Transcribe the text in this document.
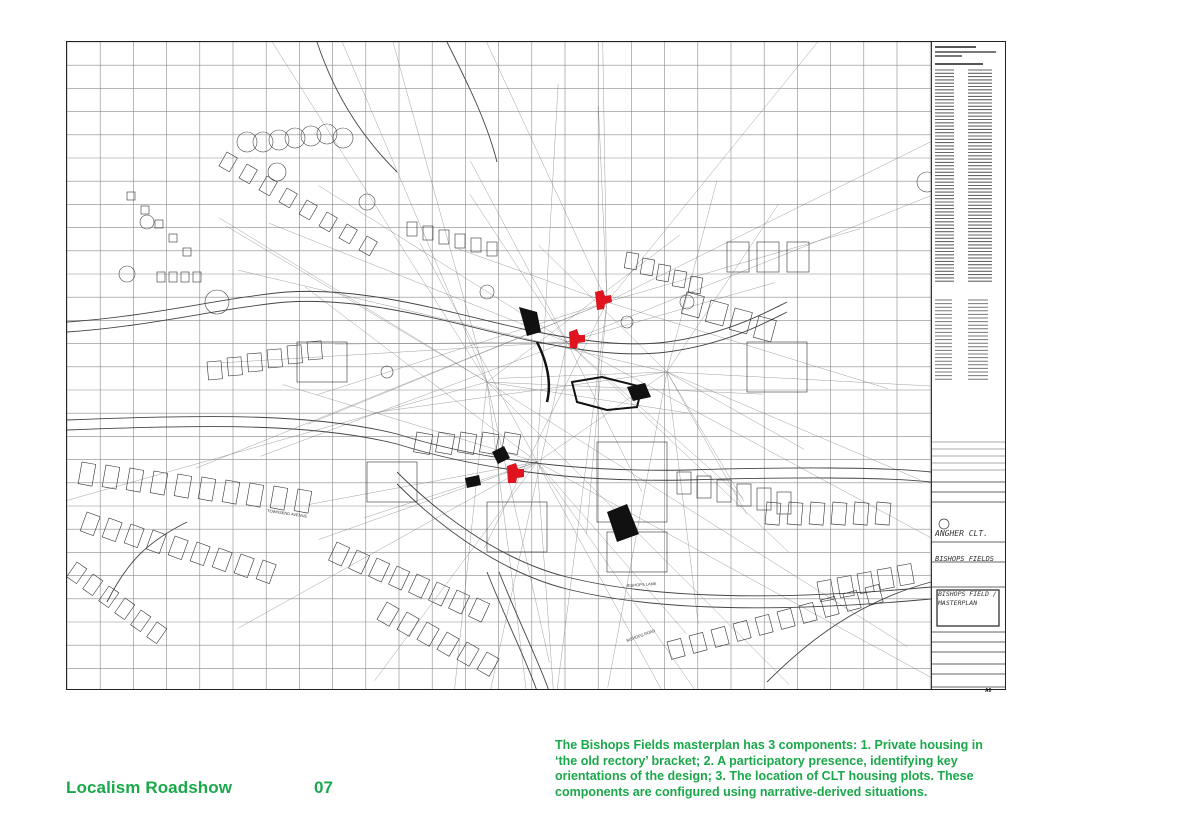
TOWNSEND AVENUE
BISHOPS LANE
BISHOPS ROAD
ANGHER CLT.
BISHOPS FIELDS
BISHOPS FIELD / MASTERPLAN
A0
Localism Roadshow	07
The Bishops Fields masterplan has 3 components: 1. Private housing in ‘the old rectory’ bracket; 2. A participatory presence, identifying key orientations of the design; 3. The location of CLT housing plots. These components are configured using narrative-derived situations.
